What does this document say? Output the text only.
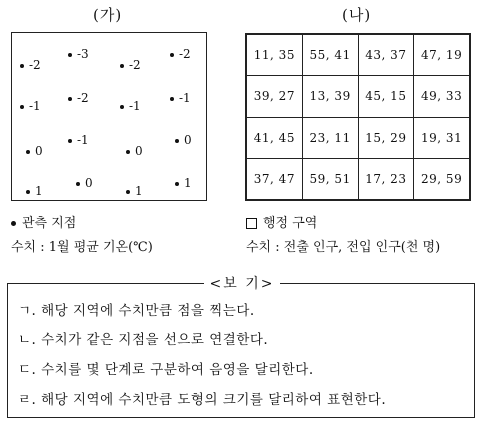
(가)	(나)
-2
-3
-2
-2
-1
-2
-1
-1
0
-1
0
0
1
0
1
1
11, 35	55, 41	43, 37	47, 19
39, 27	13, 39	45, 15	49, 33
41, 45	23, 11	15, 29	19, 31
37, 47	59, 51	17, 23	29, 59
관측 지점
수치 : 1월 평균 기온(℃)
행정 구역
수치 : 전출 인구, 전입 인구(천 명)
ㄱ. 해당 지역에 수치만큼 점을 찍는다.
ㄴ. 수치가 같은 지점을 선으로 연결한다.
ㄷ. 수치를 몇 단계로 구분하여 음영을 달리한다.
ㄹ. 해당 지역에 수치만큼 도형의 크기를 달리하여 표현한다.
<보 기>
